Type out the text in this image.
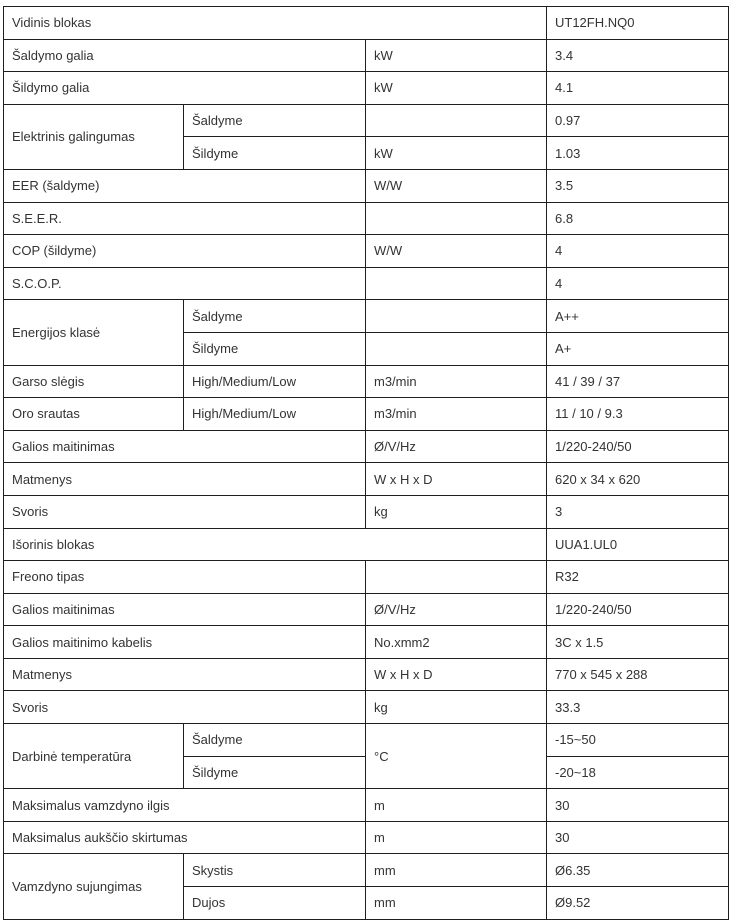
Vidinis blokas			UT12FH.NQ0
Šaldymo galia		kW	3.4
Šildymo galia		kW	4.1
Elektrinis galingumas	Šaldyme		0.97
	Šildyme	kW	1.03
EER (šaldyme)		W/W	3.5
S.E.E.R.			6.8
COP (šildyme)		W/W	4
S.C.O.P.			4
Energijos klasė	Šaldyme		A++
	Šildyme		A+
Garso slėgis	High/Medium/Low	m3/min	41 / 39 / 37
Oro srautas	High/Medium/Low	m3/min	11 / 10 / 9.3
Galios maitinimas		Ø/V/Hz	1/220-240/50
Matmenys		W x H x D	620 x 34 x 620
Svoris		kg	3
Išorinis blokas			UUA1.UL0
Freono tipas			R32
Galios maitinimas		Ø/V/Hz	1/220-240/50
Galios maitinimo kabelis		No.xmm2	3C x 1.5
Matmenys		W x H x D	770 x 545 x 288
Svoris		kg	33.3
Darbinė temperatūra	Šaldyme	°C	-15~50
	Šildyme		-20~18
Maksimalus vamzdyno ilgis		m	30
Maksimalus aukščio skirtumas		m	30
Vamzdyno sujungimas	Skystis	mm	Ø6.35
	Dujos	mm	Ø9.52
